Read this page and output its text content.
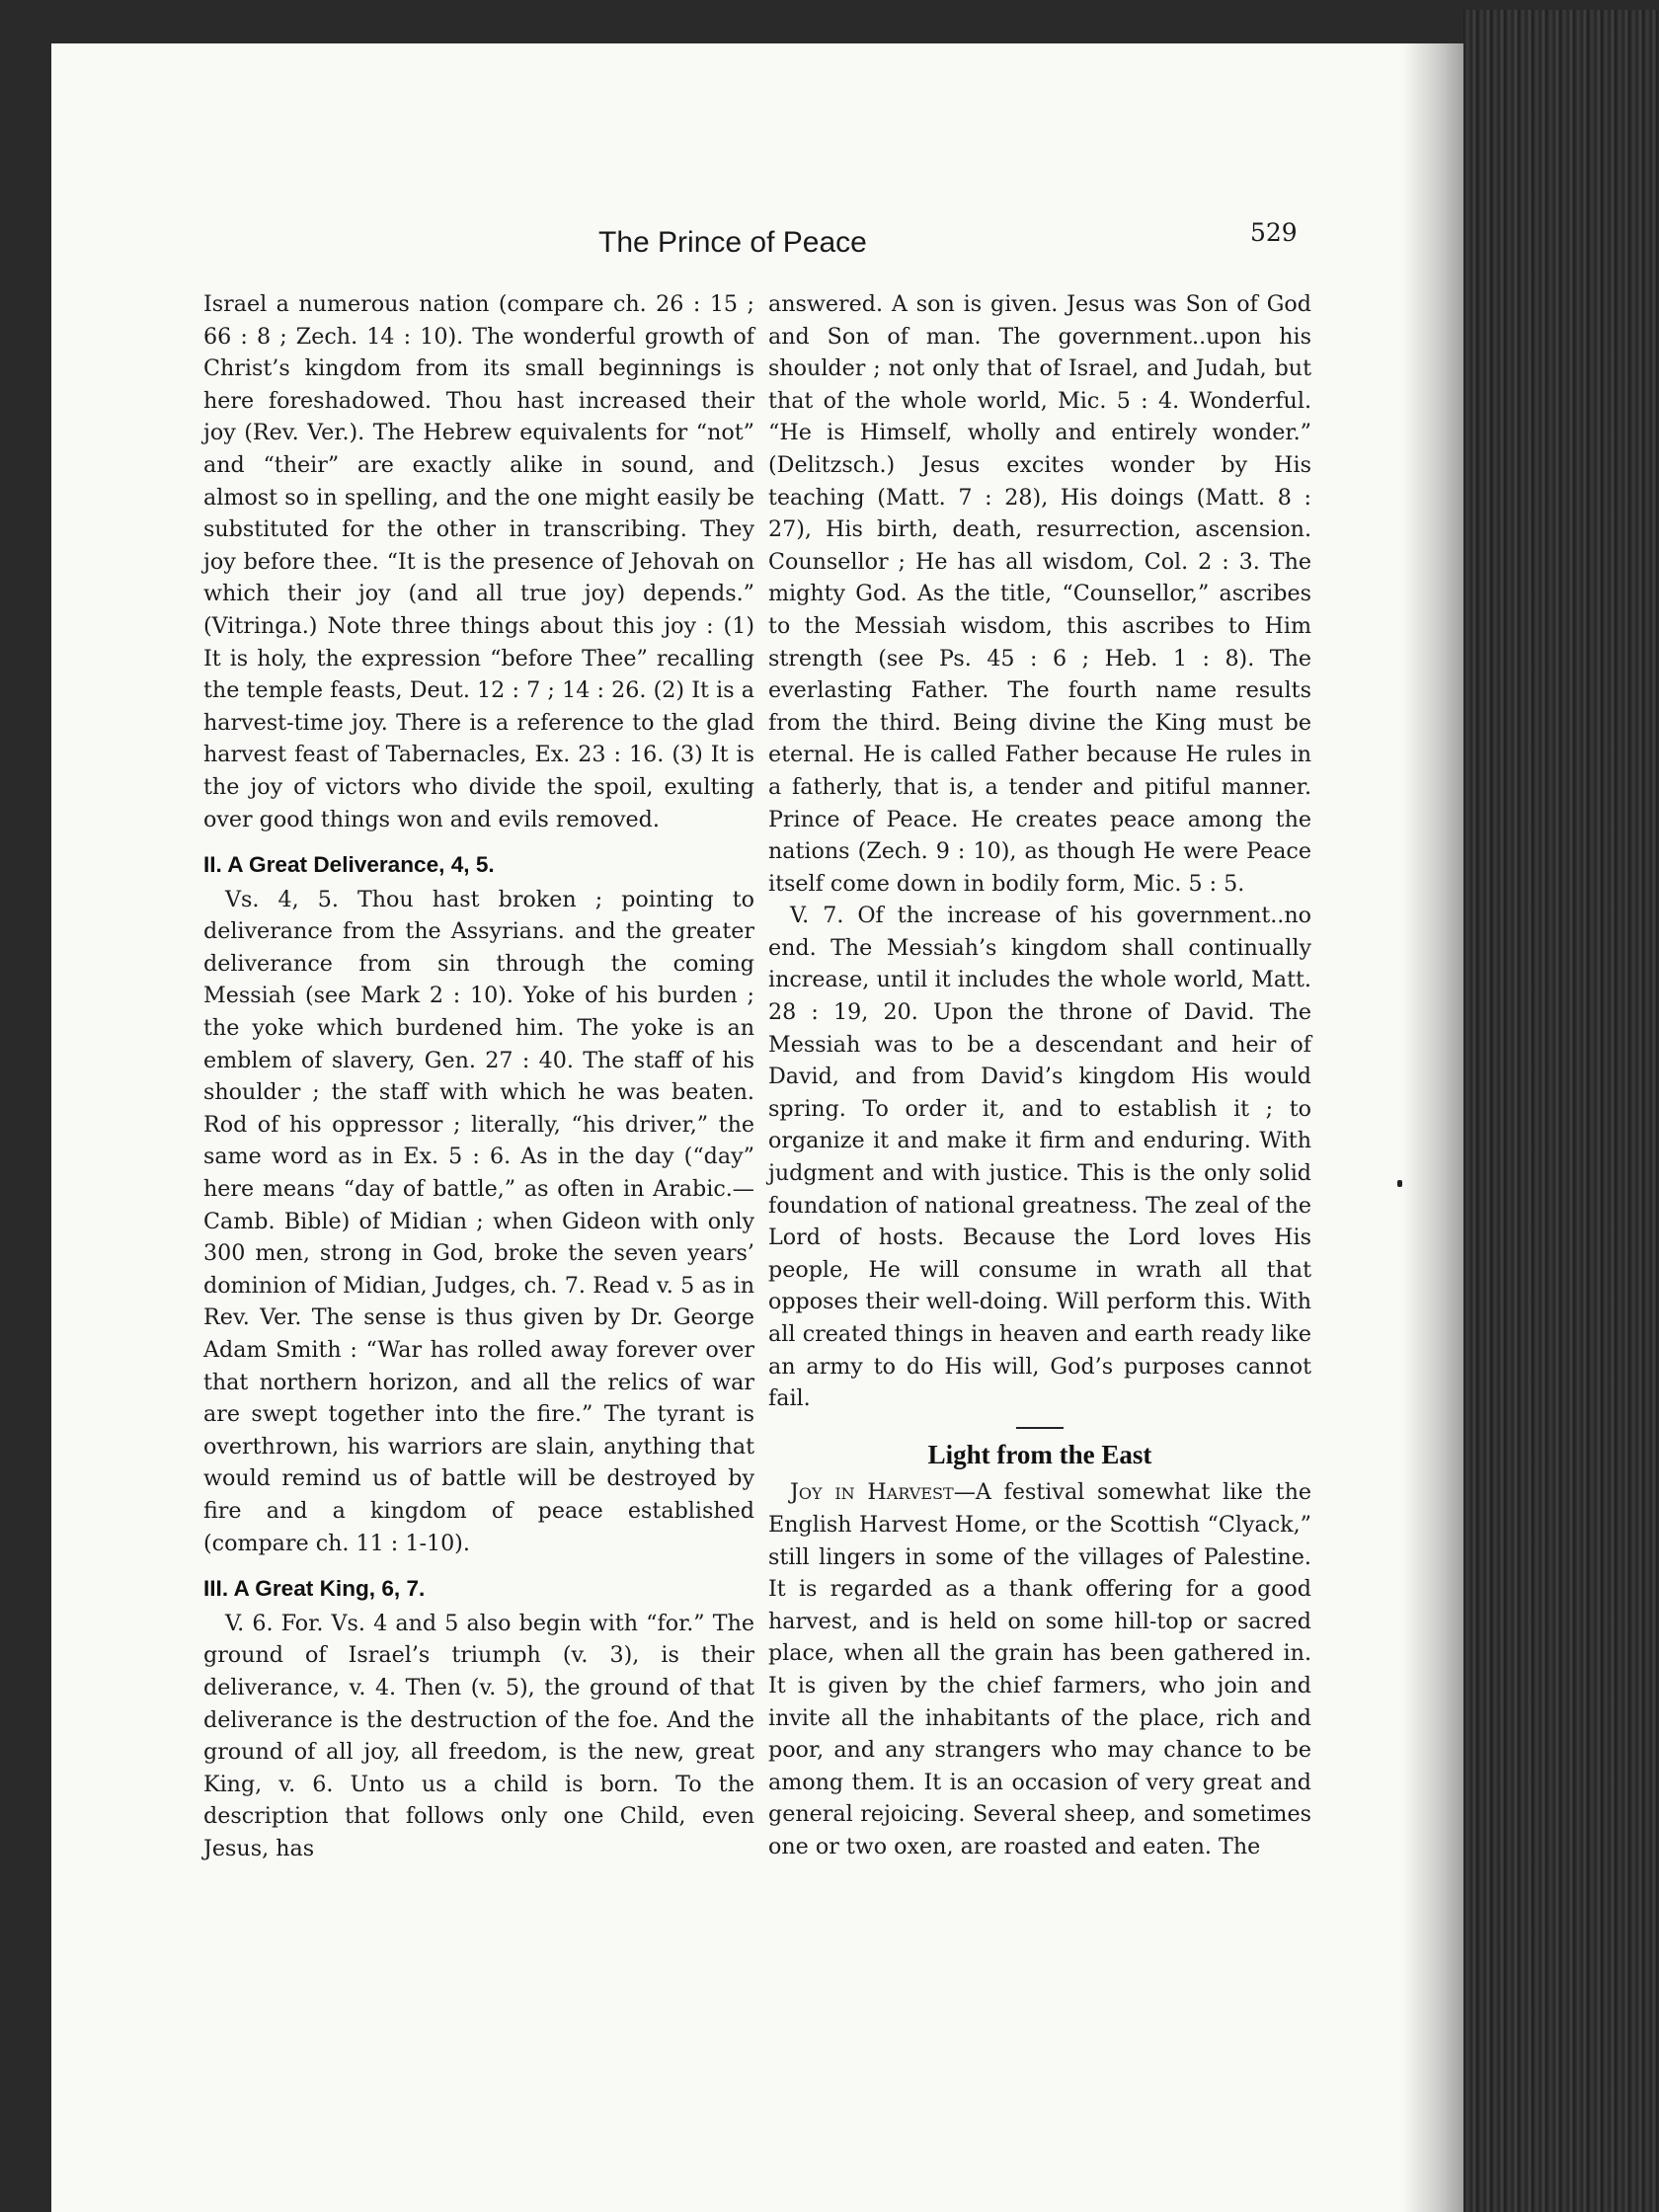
The Prince of Peace	529

Israel a numerous nation (compare ch. 26 : 15 ; 66 : 8 ; Zech. 14 : 10). The wonderful growth of Christ’s kingdom from its small beginnings is here foreshadowed. Thou hast increased their joy (Rev. Ver.). The Hebrew equivalents for “not” and “their” are exactly alike in sound, and almost so in spelling, and the one might easily be substituted for the other in transcribing. They joy before thee. “It is the presence of Jehovah on which their joy (and all true joy) depends.” (Vitringa.) Note three things about this joy : (1) It is holy, the expression “before Thee” recalling the temple feasts, Deut. 12 : 7 ; 14 : 26. (2) It is a harvest-time joy. There is a reference to the glad harvest feast of Tabernacles, Ex. 23 : 16. (3) It is the joy of victors who divide the spoil, exulting over good things won and evils removed.

II. A Great Deliverance, 4, 5.

Vs. 4, 5. Thou hast broken ; pointing to deliverance from the Assyrians. and the greater deliverance from sin through the coming Messiah (see Mark 2 : 10). Yoke of his burden ; the yoke which burdened him. The yoke is an emblem of slavery, Gen. 27 : 40. The staff of his shoulder ; the staff with which he was beaten. Rod of his oppressor ; literally, “his driver,” the same word as in Ex. 5 : 6. As in the day (“day” here means “day of battle,” as often in Arabic.—Camb. Bible) of Midian ; when Gideon with only 300 men, strong in God, broke the seven years’ dominion of Midian, Judges, ch. 7. Read v. 5 as in Rev. Ver. The sense is thus given by Dr. George Adam Smith : “War has rolled away forever over that northern horizon, and all the relics of war are swept together into the fire.” The tyrant is overthrown, his warriors are slain, anything that would remind us of battle will be destroyed by fire and a kingdom of peace established (compare ch. 11 : 1-10).

III. A Great King, 6, 7.

V. 6. For. Vs. 4 and 5 also begin with “for.” The ground of Israel’s triumph (v. 3), is their deliverance, v. 4. Then (v. 5), the ground of that deliverance is the destruction of the foe. And the ground of all joy, all freedom, is the new, great King, v. 6. Unto us a child is born. To the description that follows only one Child, even Jesus, has

answered. A son is given. Jesus was Son of God and Son of man. The government..upon his shoulder ; not only that of Israel, and Judah, but that of the whole world, Mic. 5 : 4. Wonderful. “He is Himself, wholly and entirely wonder.” (Delitzsch.) Jesus excites wonder by His teaching (Matt. 7 : 28), His doings (Matt. 8 : 27), His birth, death, resurrection, ascension. Counsellor ; He has all wisdom, Col. 2 : 3. The mighty God. As the title, “Counsellor,” ascribes to the Messiah wisdom, this ascribes to Him strength (see Ps. 45 : 6 ; Heb. 1 : 8). The everlasting Father. The fourth name results from the third. Being divine the King must be eternal. He is called Father because He rules in a fatherly, that is, a tender and pitiful manner. Prince of Peace. He creates peace among the nations (Zech. 9 : 10), as though He were Peace itself come down in bodily form, Mic. 5 : 5.

V. 7. Of the increase of his government..no end. The Messiah’s kingdom shall continually increase, until it includes the whole world, Matt. 28 : 19, 20. Upon the throne of David. The Messiah was to be a descendant and heir of David, and from David’s kingdom His would spring. To order it, and to establish it ; to organize it and make it firm and enduring. With judgment and with justice. This is the only solid foundation of national greatness. The zeal of the Lord of hosts. Because the Lord loves His people, He will consume in wrath all that opposes their well-doing. Will perform this. With all created things in heaven and earth ready like an army to do His will, God’s purposes cannot fail.

Light from the East

Joy in Harvest—A festival somewhat like the English Harvest Home, or the Scottish “Clyack,” still lingers in some of the villages of Palestine. It is regarded as a thank offering for a good harvest, and is held on some hill-top or sacred place, when all the grain has been gathered in. It is given by the chief farmers, who join and invite all the inhabitants of the place, rich and poor, and any strangers who may chance to be among them. It is an occasion of very great and general rejoicing. Several sheep, and sometimes one or two oxen, are roasted and eaten. The
